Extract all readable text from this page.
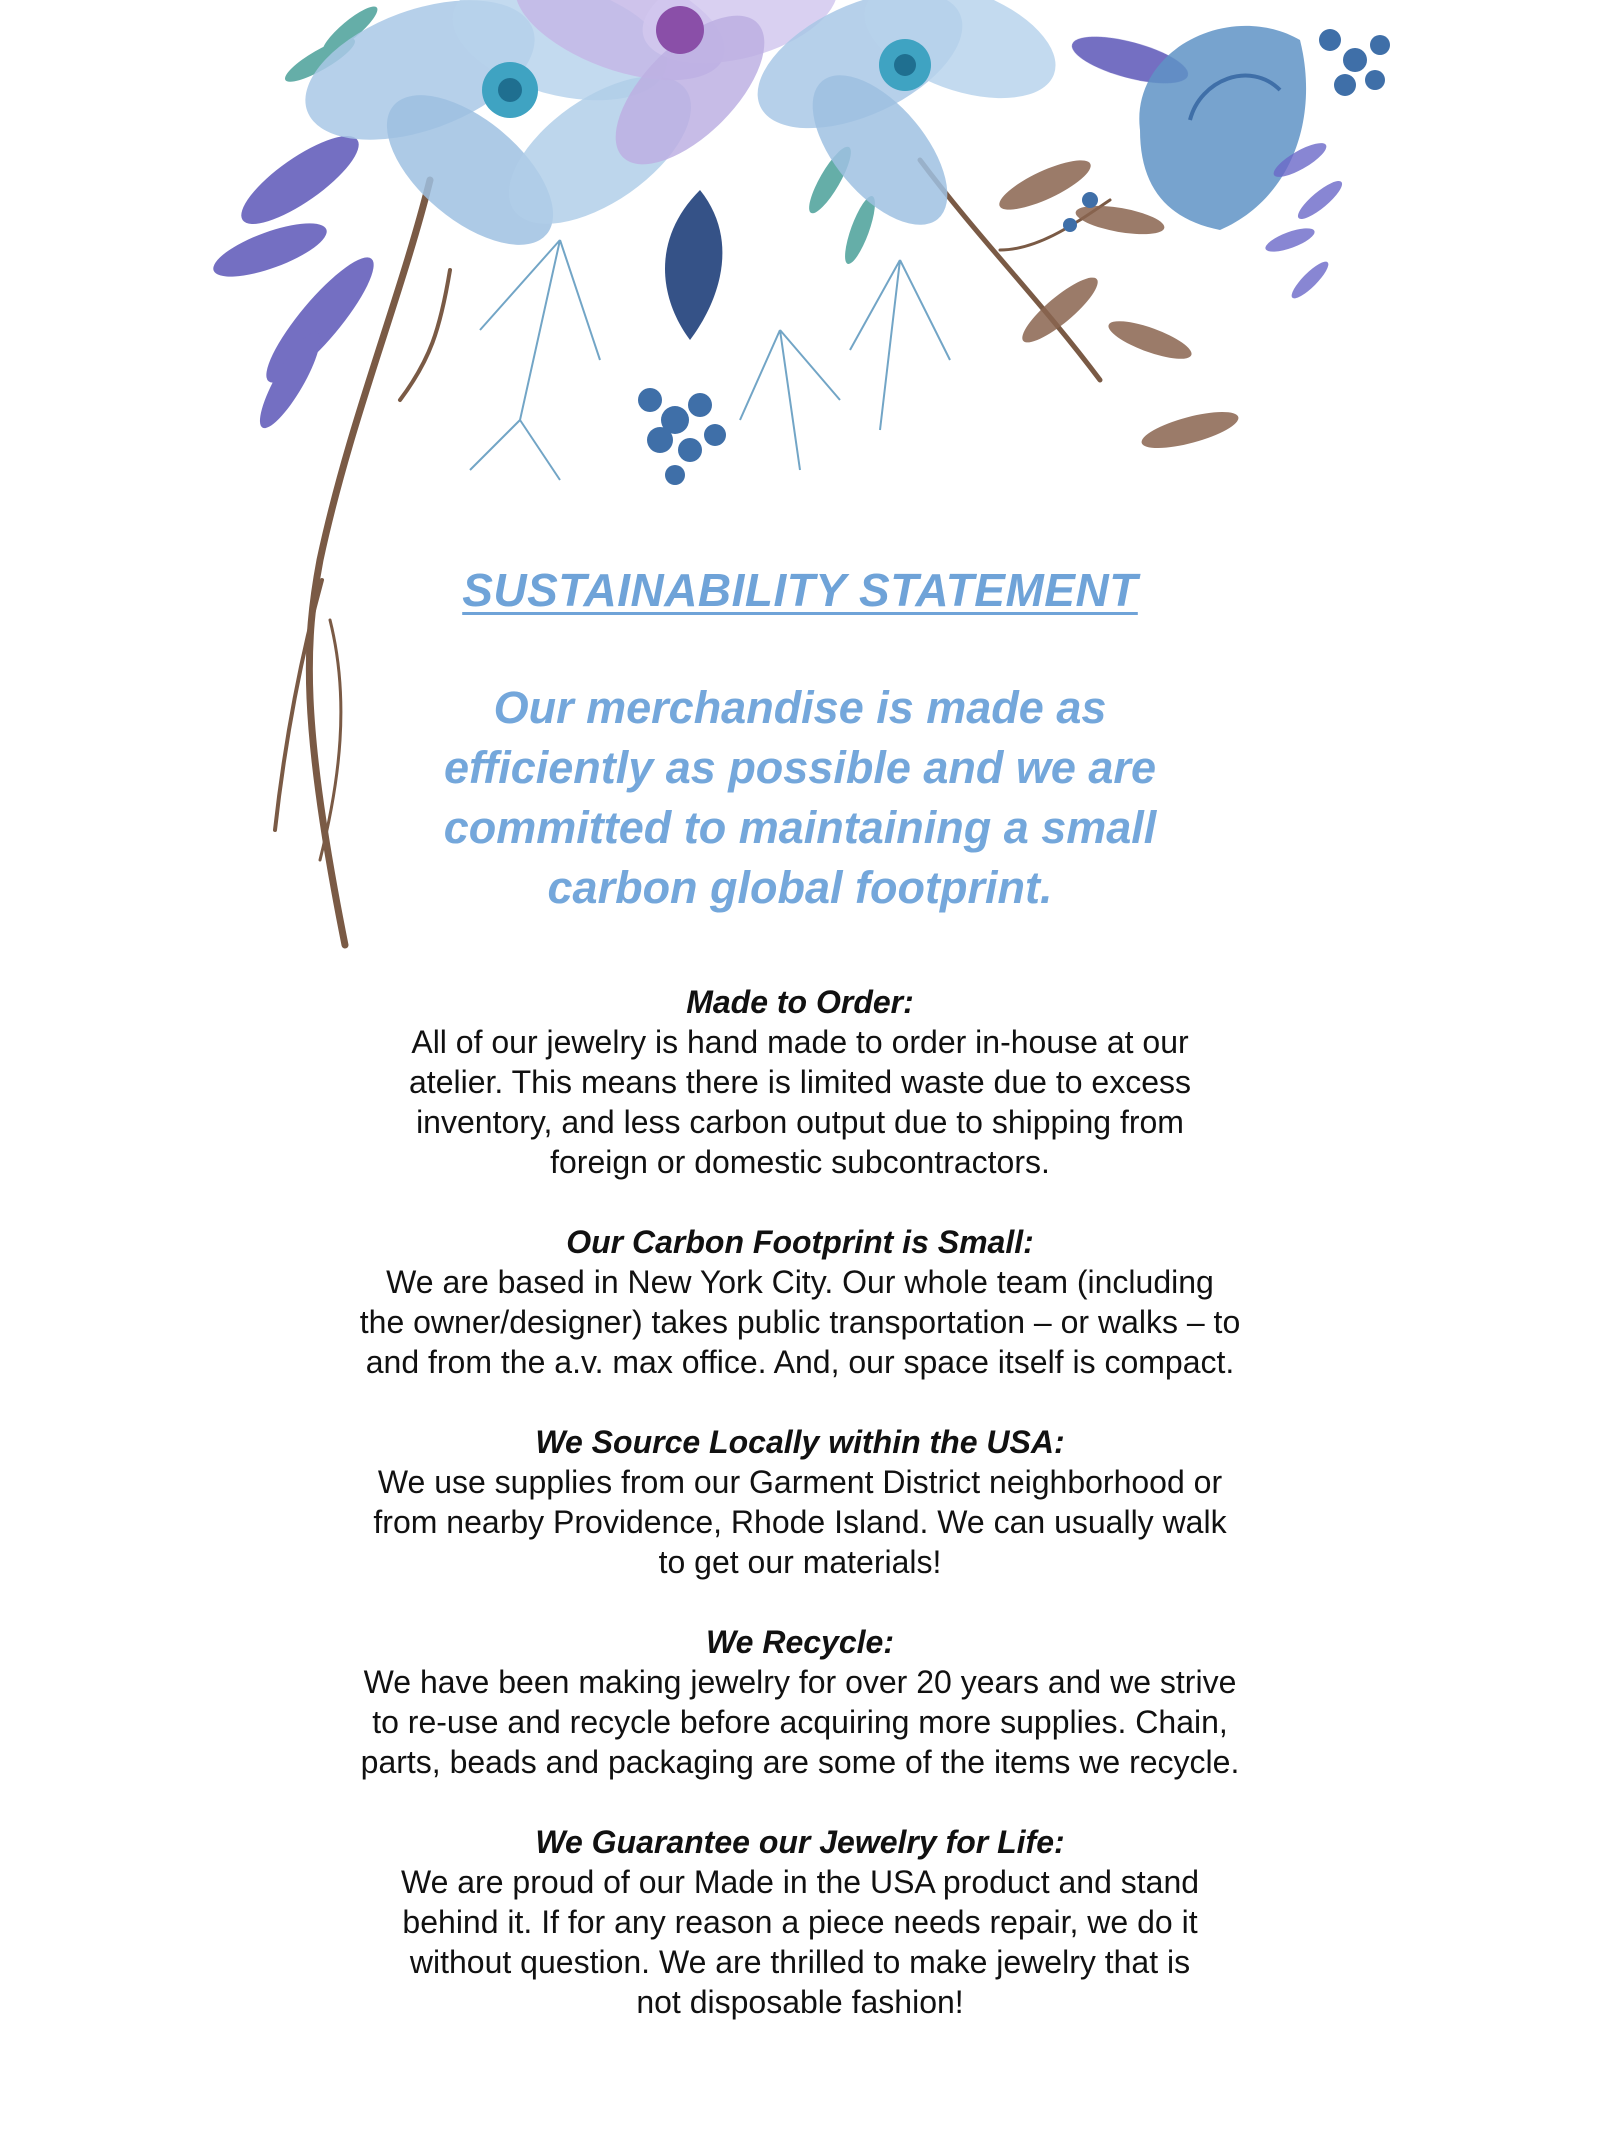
SUSTAINABILITY STATEMENT

Our merchandise is made as efficiently as possible and we are committed to maintaining a small carbon global footprint.

Made to Order:

All of our jewelry is hand made to order in-house at our
atelier. This means there is limited waste due to excess
inventory, and less carbon output due to shipping from
foreign or domestic subcontractors.

Our Carbon Footprint is Small:

We are based in New York City. Our whole team (including
the owner/designer) takes public transportation – or walks – to
and from the a.v. max office. And, our space itself is compact.

We Source Locally within the USA:

We use supplies from our Garment District neighborhood or
from nearby Providence, Rhode Island. We can usually walk
to get our materials!

We Recycle:

We have been making jewelry for over 20 years and we strive
to re-use and recycle before acquiring more supplies. Chain,
parts, beads and packaging are some of the items we recycle.

We Guarantee our Jewelry for Life:

We are proud of our Made in the USA product and stand
behind it. If for any reason a piece needs repair, we do it
without question. We are thrilled to make jewelry that is
not disposable fashion!
